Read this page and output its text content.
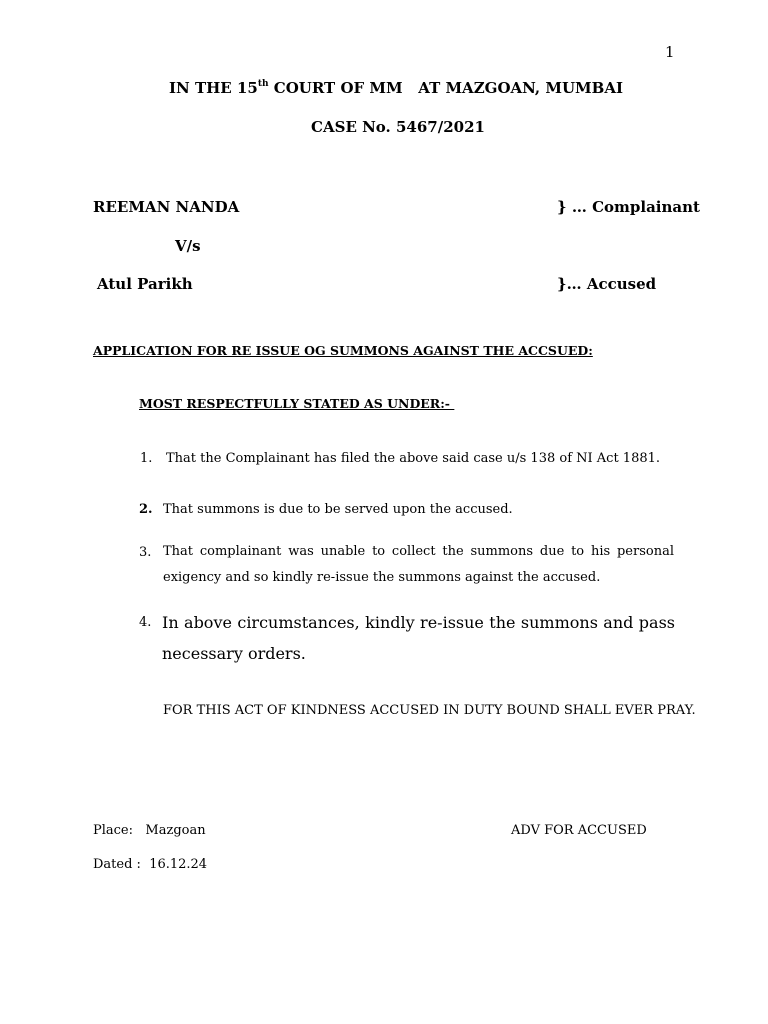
1
IN THE 15th COURT OF MM   AT MAZGOAN, MUMBAI
CASE No. 5467/2021
REEMAN NANDA	} … Complainant
V/s
Atul Parikh	}… Accused
APPLICATION FOR RE ISSUE OG SUMMONS AGAINST THE ACCSUED:
MOST RESPECTFULLY STATED AS UNDER:-
1. That the Complainant has filed the above said case u/s 138 of NI Act 1881.
2. That summons is due to be served upon the accused.
3. That complainant was unable to collect the summons due to his personal exigency and so kindly re-issue the summons against the accused.
4. In above circumstances, kindly re-issue the summons and pass necessary orders.
FOR THIS ACT OF KINDNESS ACCUSED IN DUTY BOUND SHALL EVER PRAY.
Place:   Mazgoan	ADV FOR ACCUSED
Dated :  16.12.24
